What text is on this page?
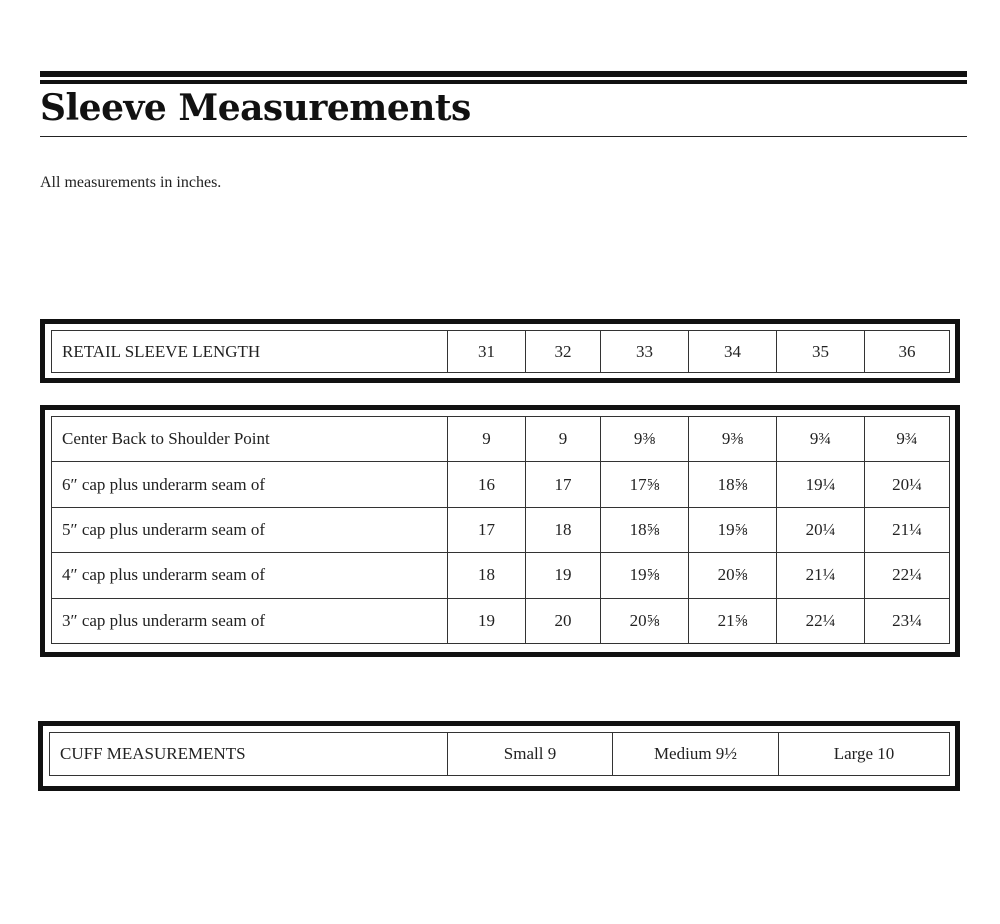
Sleeve Measurements
All measurements in inches.
RETAIL SLEEVE LENGTH	31	32	33	34	35	36
Center Back to Shoulder Point	9	9	9⅜	9⅜	9¾	9¾
6″ cap plus underarm seam of	16	17	17⅝	18⅝	19¼	20¼
5″ cap plus underarm seam of	17	18	18⅝	19⅝	20¼	21¼
4″ cap plus underarm seam of	18	19	19⅝	20⅝	21¼	22¼
3″ cap plus underarm seam of	19	20	20⅝	21⅝	22¼	23¼
CUFF MEASUREMENTS	Small 9	Medium 9½	Large 10
